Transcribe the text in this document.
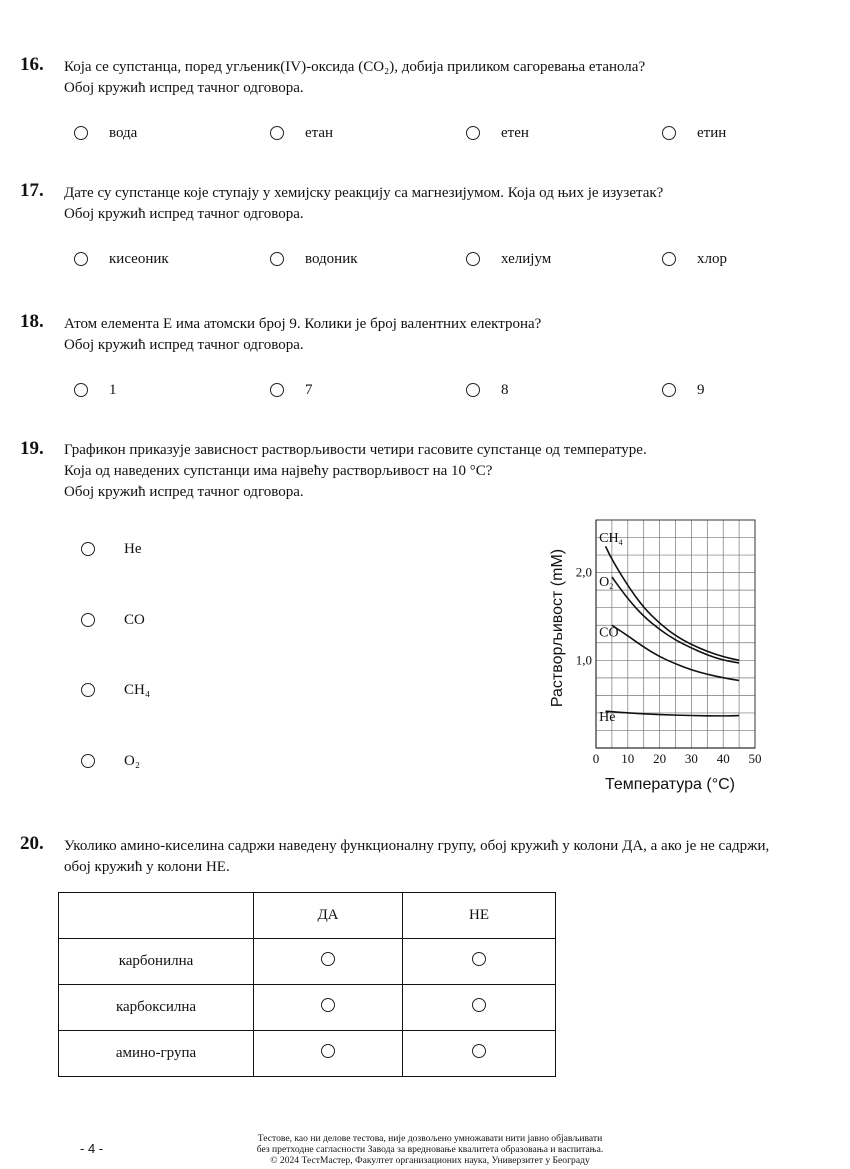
16. Која се супстанца, поред угљеник(IV)-оксида (CO₂), добија приликом сагоревања етанола?
Обој кружић испред тачног одговора.
вода	етан	етен	етин
17. Дате су супстанце које ступају у хемијску реакцију са магнезијумом. Која од њих је изузетак?
Обој кружић испред тачног одговора.
кисеоник	водоник	хелијум	хлор
18. Атом елемента Е има атомски број 9. Колики је број валентних електрона?
Обој кружић испред тачног одговора.
1	7	8	9
19. Графикон приказује зависност растворљивости четири гасовите супстанце од температуре.
Која од наведених супстанци има највећу растворљивост на 10 °C?
Обој кружић испред тачног одговора.
He
CO
CH₄
O₂	0 10 20 30 40 50
1,0
2,0
$CH_4$
$O_2$
CO
He
Температура (°C)
Растворљивост (mM)
20. Уколико амино-киселина садржи наведену функционалну групу, обој кружић у колони ДА, а ако је не садржи,
обој кружић у колони НЕ.
	ДА	НЕ
карбонилна		
карбоксилна		
амино-група		
- 4 -
Тестове, као ни делове тестова, није дозвољено умножавати нити јавно објављивати
без претходне сагласности Завода за вредновање квалитета образовања и васпитања.
© 2024 ТестМастер, Факултет организационих наука, Универзитет у Београду
